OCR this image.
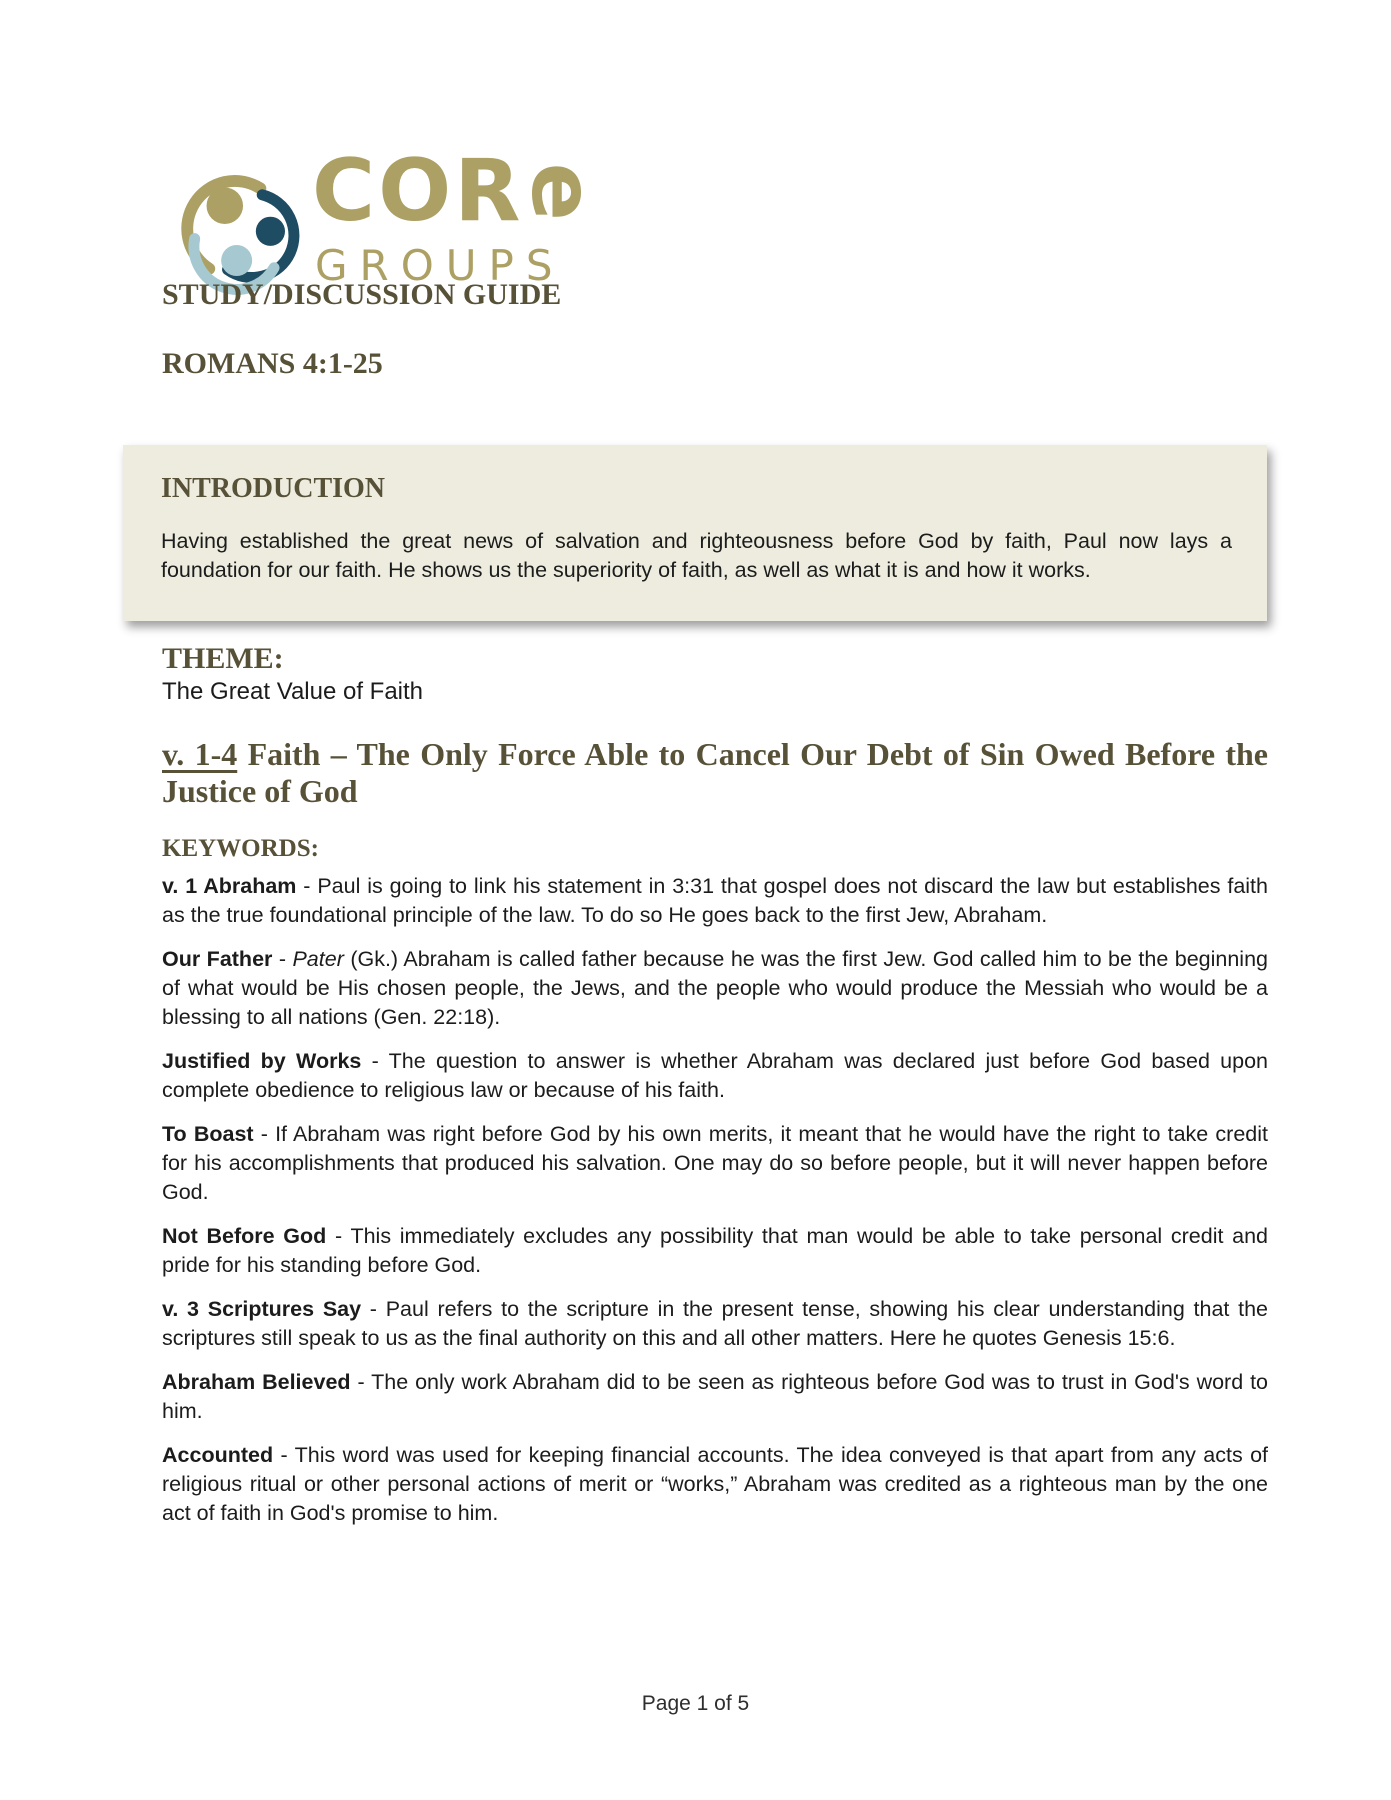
CORe
GROUPS
STUDY/DISCUSSION GUIDE
ROMANS 4:1-25
INTRODUCTION

Having established the great news of salvation and righteousness before God by faith, Paul now lays a foundation for our faith. He shows us the superiority of faith, as well as what it is and how it works.

THEME:
The Great Value of Faith
v. 1-4 Faith – The Only Force Able to Cancel Our Debt of Sin Owed Before the Justice of God
KEYWORDS:

v. 1 Abraham - Paul is going to link his statement in 3:31 that gospel does not discard the law but establishes faith as the true foundational principle of the law. To do so He goes back to the first Jew, Abraham.

Our Father - Pater (Gk.) Abraham is called father because he was the first Jew. God called him to be the beginning of what would be His chosen people, the Jews, and the people who would produce the Messiah who would be a blessing to all nations (Gen. 22:18).

Justified by Works - The question to answer is whether Abraham was declared just before God based upon complete obedience to religious law or because of his faith.

To Boast - If Abraham was right before God by his own merits, it meant that he would have the right to take credit for his accomplishments that produced his salvation. One may do so before people, but it will never happen before God.

Not Before God - This immediately excludes any possibility that man would be able to take personal credit and pride for his standing before God.

v. 3 Scriptures Say - Paul refers to the scripture in the present tense, showing his clear understanding that the scriptures still speak to us as the final authority on this and all other matters. Here he quotes Genesis 15:6.

Abraham Believed - The only work Abraham did to be seen as righteous before God was to trust in God's word to him.

Accounted - This word was used for keeping financial accounts. The idea conveyed is that apart from any acts of religious ritual or other personal actions of merit or “works,” Abraham was credited as a righteous man by the one act of faith in God's promise to him.

Page 1 of 5
